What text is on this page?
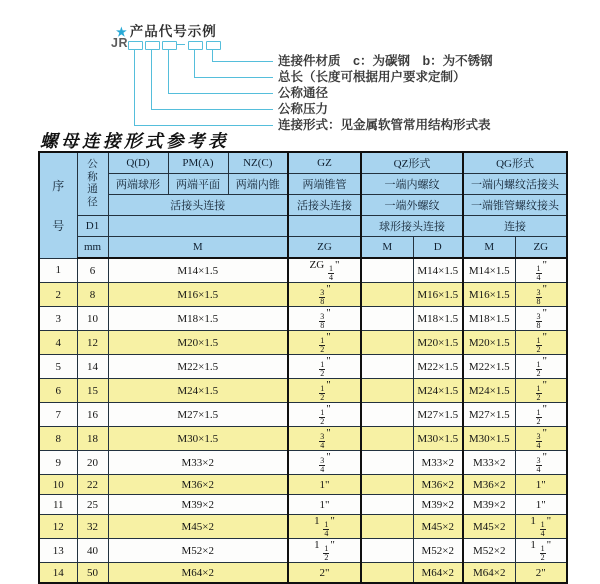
★ 产品代号示例
JR
连接件材质　c：为碳钢　b：为不锈钢
总长（长度可根据用户要求定制）
公称通径
公称压力
连接形式：见金属软管常用结构形式表
螺母连接形式参考表
序
号	公
称
通
径	Q(D)	PM(A)	NZ(C)	GZ	QZ形式		QG形式	
		两端球形	两端平面	两端内锥	两端锥管	一端内螺纹		一端内螺纹活接头	
		活接头连接			活接头连接	一端外螺纹		一端锥管螺纹接头	
	D1					球形接头连接		连接	
	mm	M			ZG	M	D	M	ZG
1	6	M14×1.5			ZG $\frac{1}{4}$ "		M14×1.5	M14×1.5	$\frac{1}{4}$ "
2	8	M16×1.5			$\frac{3}{8}$ "		M16×1.5	M16×1.5	$\frac{3}{8}$ "
3	10	M18×1.5			$\frac{3}{8}$ "		M18×1.5	M18×1.5	$\frac{3}{8}$ "
4	12	M20×1.5			$\frac{1}{2}$ "		M20×1.5	M20×1.5	$\frac{1}{2}$ "
5	14	M22×1.5			$\frac{1}{2}$ "		M22×1.5	M22×1.5	$\frac{1}{2}$ "
6	15	M24×1.5			$\frac{1}{2}$ "		M24×1.5	M24×1.5	$\frac{1}{2}$ "
7	16	M27×1.5			$\frac{1}{2}$ "		M27×1.5	M27×1.5	$\frac{1}{2}$ "
8	18	M30×1.5			$\frac{3}{4}$ "		M30×1.5	M30×1.5	$\frac{3}{4}$ "
9	20	M33×2			$\frac{3}{4}$ "		M33×2	M33×2	$\frac{3}{4}$ "
10	22	M36×2			1"		M36×2	M36×2	1"
11	25	M39×2			1"		M39×2	M39×2	1"
12	32	M45×2			$1 \frac{1}{4}$ "		M45×2	M45×2	$1 \frac{1}{4}$ "
13	40	M52×2			$1 \frac{1}{2}$ "		M52×2	M52×2	$1 \frac{1}{2}$ "
14	50	M64×2			2"		M64×2	M64×2	2"
